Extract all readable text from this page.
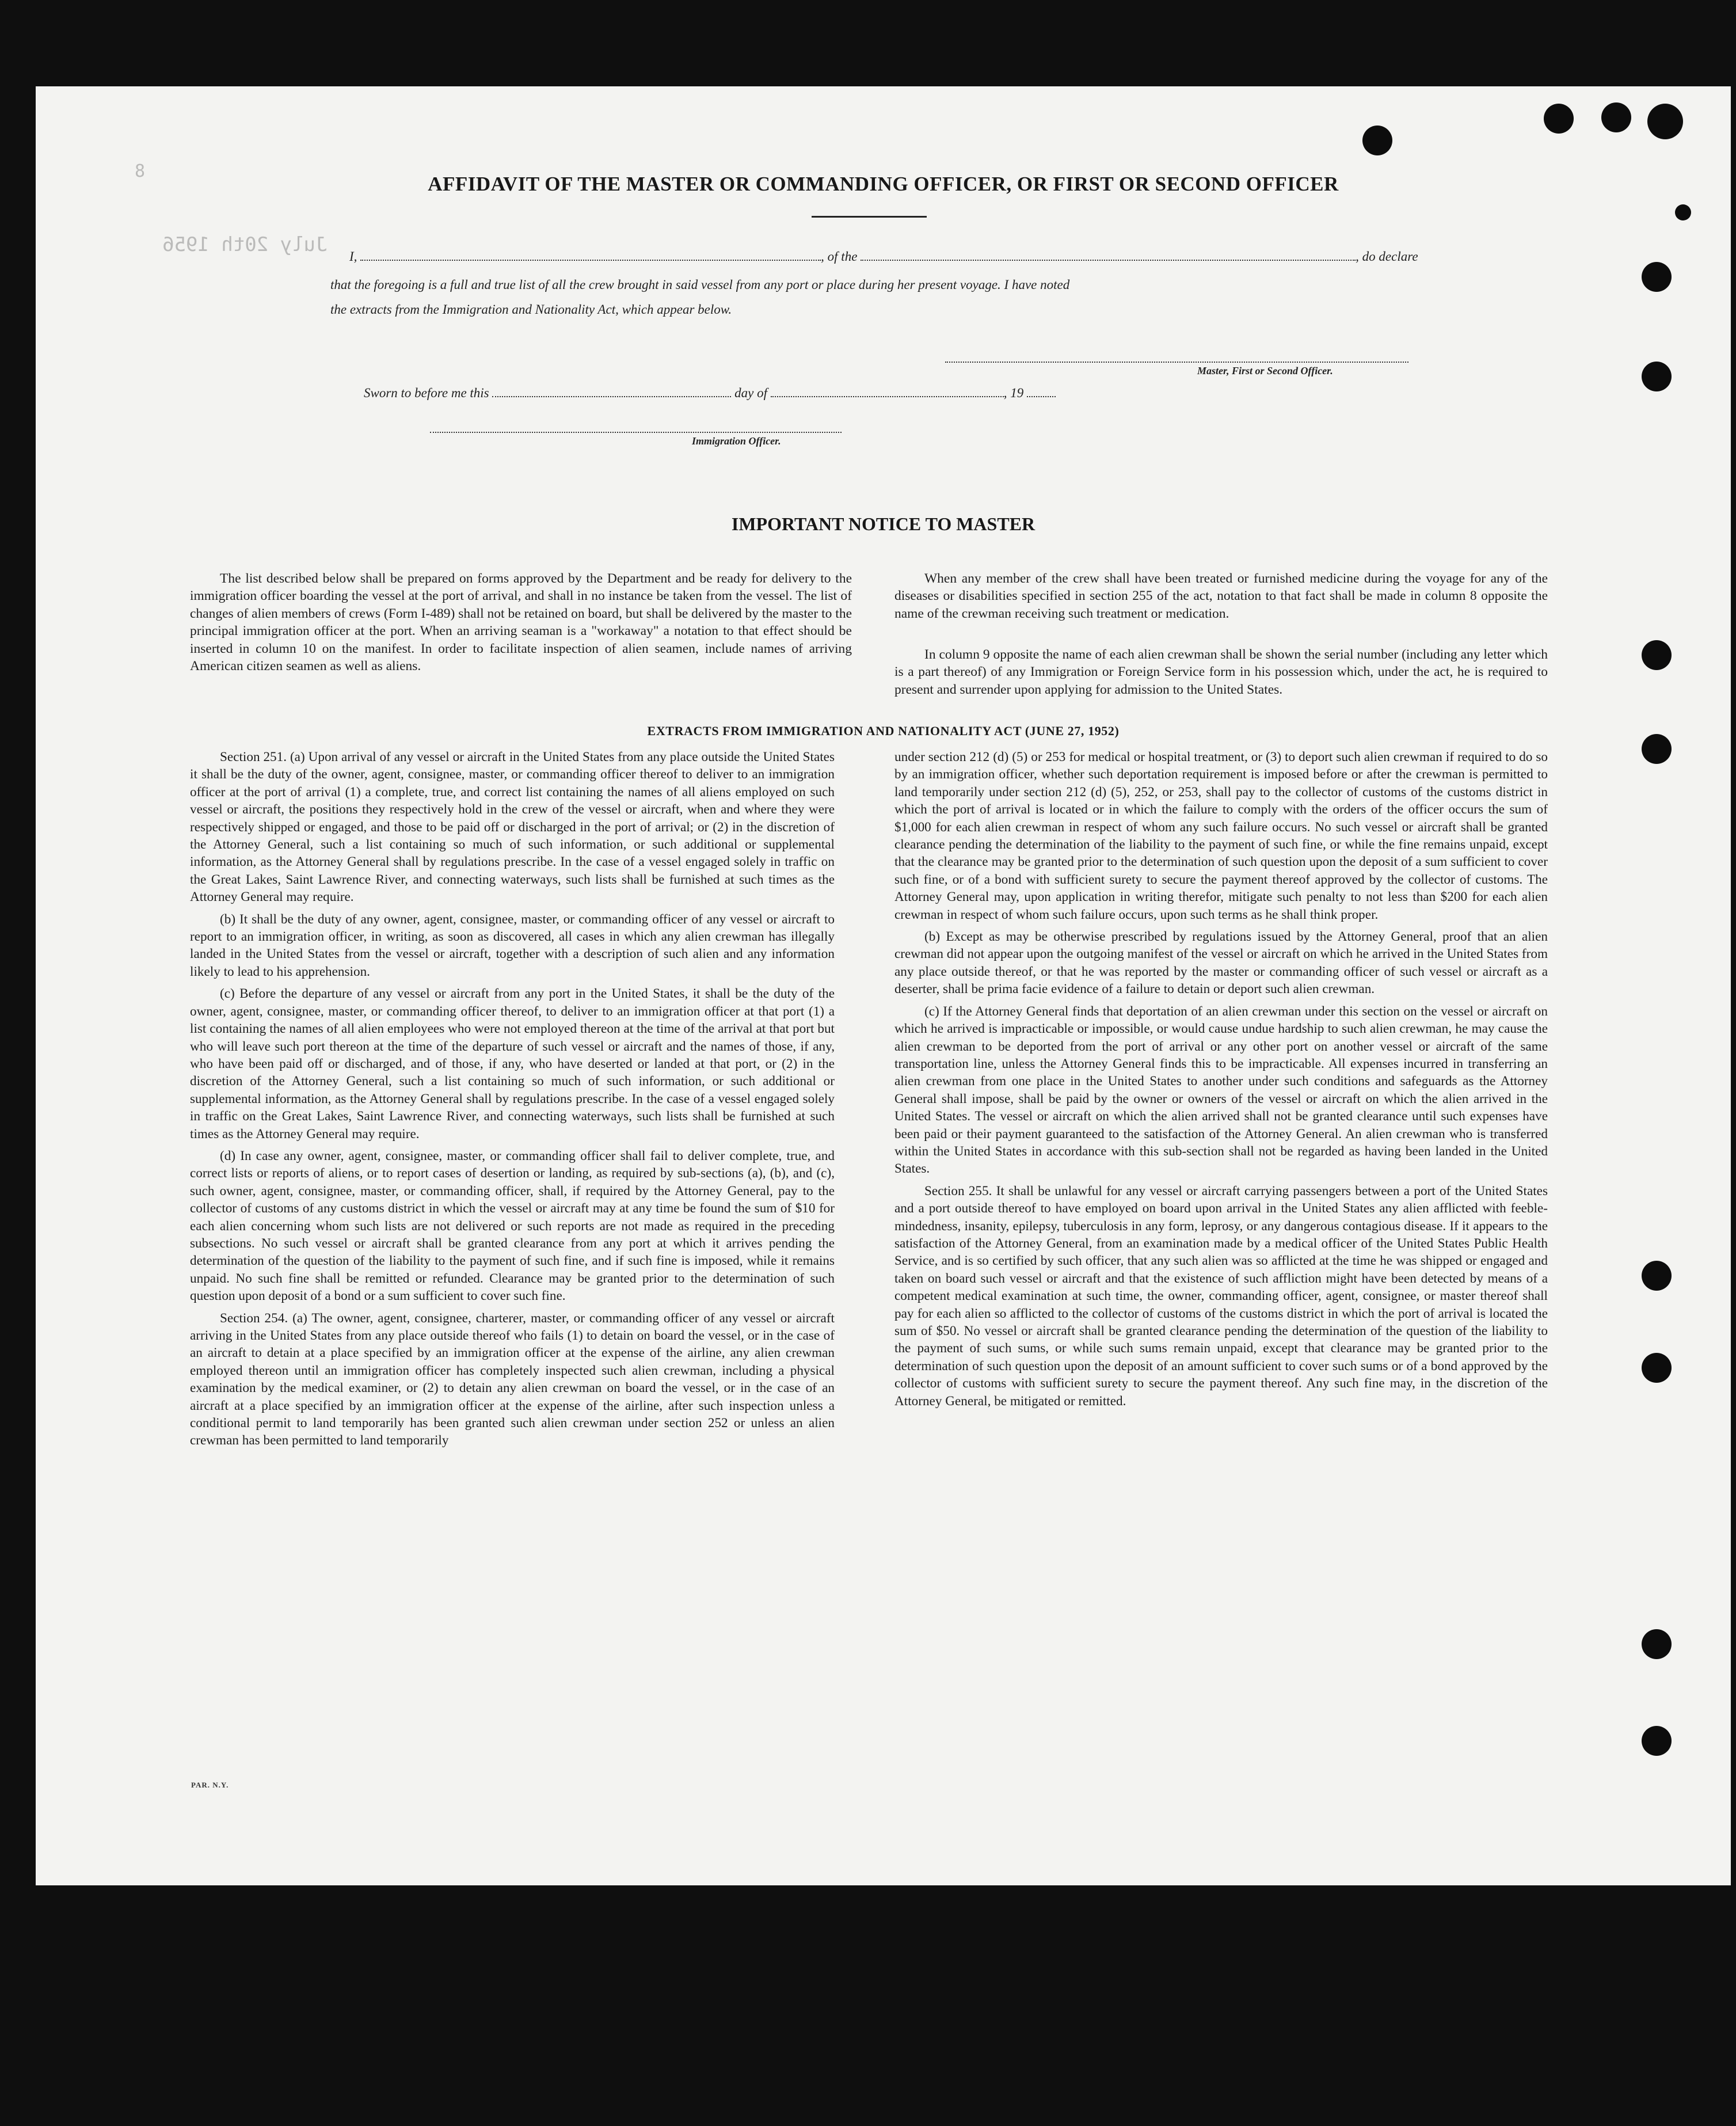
July 20th 1956
8
AFFIDAVIT OF THE MASTER OR COMMANDING OFFICER, OR FIRST OR SECOND OFFICER
I,	, of the	, do declare
that the foregoing is a full and true list of all the crew brought in said vessel from any port or place during her present voyage. I have noted
the extracts from the Immigration and Nationality Act, which appear below.
Master, First or Second Officer.
Sworn to before me this	day of	, 19
Immigration Officer.
IMPORTANT NOTICE TO MASTER

The list described below shall be prepared on forms approved by the Department and be ready for delivery to the immigration officer boarding the vessel at the port of arrival, and shall in no instance be taken from the vessel. The list of changes of alien members of crews (Form I-489) shall not be retained on board, but shall be delivered by the master to the principal immigration officer at the port. When an arriving seaman is a "workaway" a notation to that effect should be inserted in column 10 on the manifest. In order to facilitate inspection of alien seamen, include names of arriving American citizen seamen as well as aliens.

When any member of the crew shall have been treated or furnished medicine during the voyage for any of the diseases or disabilities specified in section 255 of the act, notation to that fact shall be made in column 8 opposite the name of the crewman receiving such treatment or medication.

In column 9 opposite the name of each alien crewman shall be shown the serial number (including any letter which is a part thereof) of any Immigration or Foreign Service form in his possession which, under the act, he is required to present and surrender upon applying for admission to the United States.

EXTRACTS FROM IMMIGRATION AND NATIONALITY ACT (JUNE 27, 1952)

Section 251. (a) Upon arrival of any vessel or aircraft in the United States from any place outside the United States it shall be the duty of the owner, agent, consignee, master, or commanding officer thereof to deliver to an immigration officer at the port of arrival (1) a complete, true, and correct list containing the names of all aliens employed on such vessel or aircraft, the positions they respectively hold in the crew of the vessel or aircraft, when and where they were respectively shipped or engaged, and those to be paid off or discharged in the port of arrival; or (2) in the discretion of the Attorney General, such a list containing so much of such information, or such additional or supplemental information, as the Attorney General shall by regulations prescribe. In the case of a vessel engaged solely in traffic on the Great Lakes, Saint Lawrence River, and connecting waterways, such lists shall be furnished at such times as the Attorney General may require.

(b) It shall be the duty of any owner, agent, consignee, master, or commanding officer of any vessel or aircraft to report to an immigration officer, in writing, as soon as discovered, all cases in which any alien crewman has illegally landed in the United States from the vessel or aircraft, together with a description of such alien and any information likely to lead to his apprehension.

(c) Before the departure of any vessel or aircraft from any port in the United States, it shall be the duty of the owner, agent, consignee, master, or commanding officer thereof, to deliver to an immigration officer at that port (1) a list containing the names of all alien employees who were not employed thereon at the time of the arrival at that port but who will leave such port thereon at the time of the departure of such vessel or aircraft and the names of those, if any, who have been paid off or discharged, and of those, if any, who have deserted or landed at that port, or (2) in the discretion of the Attorney General, such a list containing so much of such information, or such additional or supplemental information, as the Attorney General shall by regulations prescribe. In the case of a vessel engaged solely in traffic on the Great Lakes, Saint Lawrence River, and connecting waterways, such lists shall be furnished at such times as the Attorney General may require.

(d) In case any owner, agent, consignee, master, or commanding officer shall fail to deliver complete, true, and correct lists or reports of aliens, or to report cases of desertion or landing, as required by sub-sections (a), (b), and (c), such owner, agent, consignee, master, or commanding officer, shall, if required by the Attorney General, pay to the collector of customs of any customs district in which the vessel or aircraft may at any time be found the sum of $10 for each alien concerning whom such lists are not delivered or such reports are not made as required in the preceding subsections. No such vessel or aircraft shall be granted clearance from any port at which it arrives pending the determination of the question of the liability to the payment of such fine, and if such fine is imposed, while it remains unpaid. No such fine shall be remitted or refunded. Clearance may be granted prior to the determination of such question upon deposit of a bond or a sum sufficient to cover such fine.

Section 254. (a) The owner, agent, consignee, charterer, master, or commanding officer of any vessel or aircraft arriving in the United States from any place outside thereof who fails (1) to detain on board the vessel, or in the case of an aircraft to detain at a place specified by an immigration officer at the expense of the airline, any alien crewman employed thereon until an immigration officer has completely inspected such alien crewman, including a physical examination by the medical examiner, or (2) to detain any alien crewman on board the vessel, or in the case of an aircraft at a place specified by an immigration officer at the expense of the airline, after such inspection unless a conditional permit to land temporarily has been granted such alien crewman under section 252 or unless an alien crewman has been permitted to land temporarily

under section 212 (d) (5) or 253 for medical or hospital treatment, or (3) to deport such alien crewman if required to do so by an immigration officer, whether such deportation requirement is imposed before or after the crewman is permitted to land temporarily under section 212 (d) (5), 252, or 253, shall pay to the collector of customs of the customs district in which the port of arrival is located or in which the failure to comply with the orders of the officer occurs the sum of $1,000 for each alien crewman in respect of whom any such failure occurs. No such vessel or aircraft shall be granted clearance pending the determination of the liability to the payment of such fine, or while the fine remains unpaid, except that the clearance may be granted prior to the determination of such question upon the deposit of a sum sufficient to cover such fine, or of a bond with sufficient surety to secure the payment thereof approved by the collector of customs. The Attorney General may, upon application in writing therefor, mitigate such penalty to not less than $200 for each alien crewman in respect of whom such failure occurs, upon such terms as he shall think proper.

(b) Except as may be otherwise prescribed by regulations issued by the Attorney General, proof that an alien crewman did not appear upon the outgoing manifest of the vessel or aircraft on which he arrived in the United States from any place outside thereof, or that he was reported by the master or commanding officer of such vessel or aircraft as a deserter, shall be prima facie evidence of a failure to detain or deport such alien crewman.

(c) If the Attorney General finds that deportation of an alien crewman under this section on the vessel or aircraft on which he arrived is impracticable or impossible, or would cause undue hardship to such alien crewman, he may cause the alien crewman to be deported from the port of arrival or any other port on another vessel or aircraft of the same transportation line, unless the Attorney General finds this to be impracticable. All expenses incurred in transferring an alien crewman from one place in the United States to another under such conditions and safeguards as the Attorney General shall impose, shall be paid by the owner or owners of the vessel or aircraft on which the alien arrived in the United States. The vessel or aircraft on which the alien arrived shall not be granted clearance until such expenses have been paid or their payment guaranteed to the satisfaction of the Attorney General. An alien crewman who is transferred within the United States in accordance with this sub-section shall not be regarded as having been landed in the United States.

Section 255. It shall be unlawful for any vessel or aircraft carrying passengers between a port of the United States and a port outside thereof to have employed on board upon arrival in the United States any alien afflicted with feeble-mindedness, insanity, epilepsy, tuberculosis in any form, leprosy, or any dangerous contagious disease. If it appears to the satisfaction of the Attorney General, from an examination made by a medical officer of the United States Public Health Service, and is so certified by such officer, that any such alien was so afflicted at the time he was shipped or engaged and taken on board such vessel or aircraft and that the existence of such affliction might have been detected by means of a competent medical examination at such time, the owner, commanding officer, agent, consignee, or master thereof shall pay for each alien so afflicted to the collector of customs of the customs district in which the port of arrival is located the sum of $50. No vessel or aircraft shall be granted clearance pending the determination of the question of the liability to the payment of such sums, or while such sums remain unpaid, except that clearance may be granted prior to the determination of such question upon the deposit of an amount sufficient to cover such sums or of a bond approved by the collector of customs with sufficient surety to secure the payment thereof. Any such fine may, in the discretion of the Attorney General, be mitigated or remitted.

PAR. N.Y.
